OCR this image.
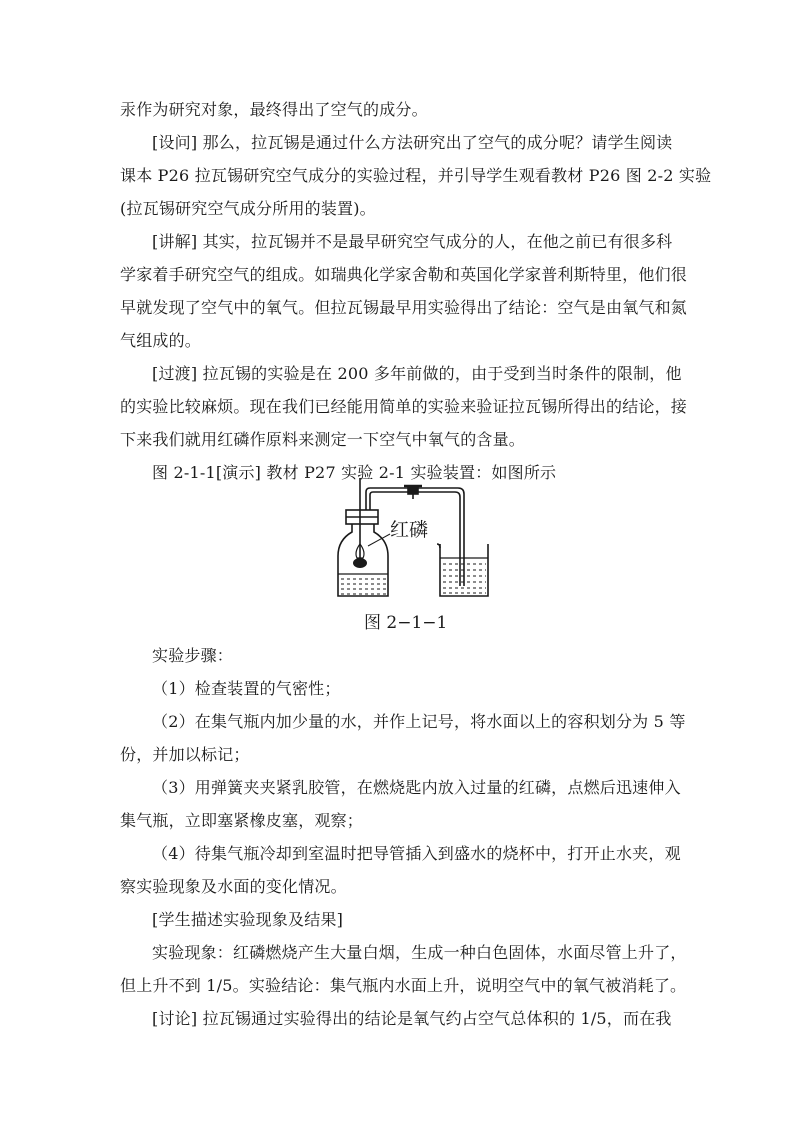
汞作为研究对象，最终得出了空气的成分。
[设问] 那么，拉瓦锡是通过什么方法研究出了空气的成分呢？请学生阅读
课本 P26 拉瓦锡研究空气成分的实验过程，并引导学生观看教材 P26 图 2-2 实验
(拉瓦锡研究空气成分所用的装置)。
[讲解] 其实，拉瓦锡并不是最早研究空气成分的人，在他之前已有很多科
学家着手研究空气的组成。如瑞典化学家舍勒和英国化学家普利斯特里，他们很
早就发现了空气中的氧气。但拉瓦锡最早用实验得出了结论：空气是由氧气和氮
气组成的。
[过渡] 拉瓦锡的实验是在 200 多年前做的，由于受到当时条件的限制，他
的实验比较麻烦。现在我们已经能用简单的实验来验证拉瓦锡所得出的结论，接
下来我们就用红磷作原料来测定一下空气中氧气的含量。
图 2-1-1[演示] 教材 P27 实验 2-1 实验装置：如图所示
红磷
图 2−1−1
实验步骤：
（1）检查装置的气密性；
（2）在集气瓶内加少量的水，并作上记号，将水面以上的容积划分为 5 等
份，并加以标记；
（3）用弹簧夹夹紧乳胶管，在燃烧匙内放入过量的红磷，点燃后迅速伸入
集气瓶，立即塞紧橡皮塞，观察；
（4）待集气瓶冷却到室温时把导管插入到盛水的烧杯中，打开止水夹，观
察实验现象及水面的变化情况。
[学生描述实验现象及结果]
实验现象：红磷燃烧产生大量白烟，生成一种白色固体，水面尽管上升了，
但上升不到 1/5。实验结论：集气瓶内水面上升，说明空气中的氧气被消耗了。
[讨论] 拉瓦锡通过实验得出的结论是氧气约占空气总体积的 1/5，而在我
